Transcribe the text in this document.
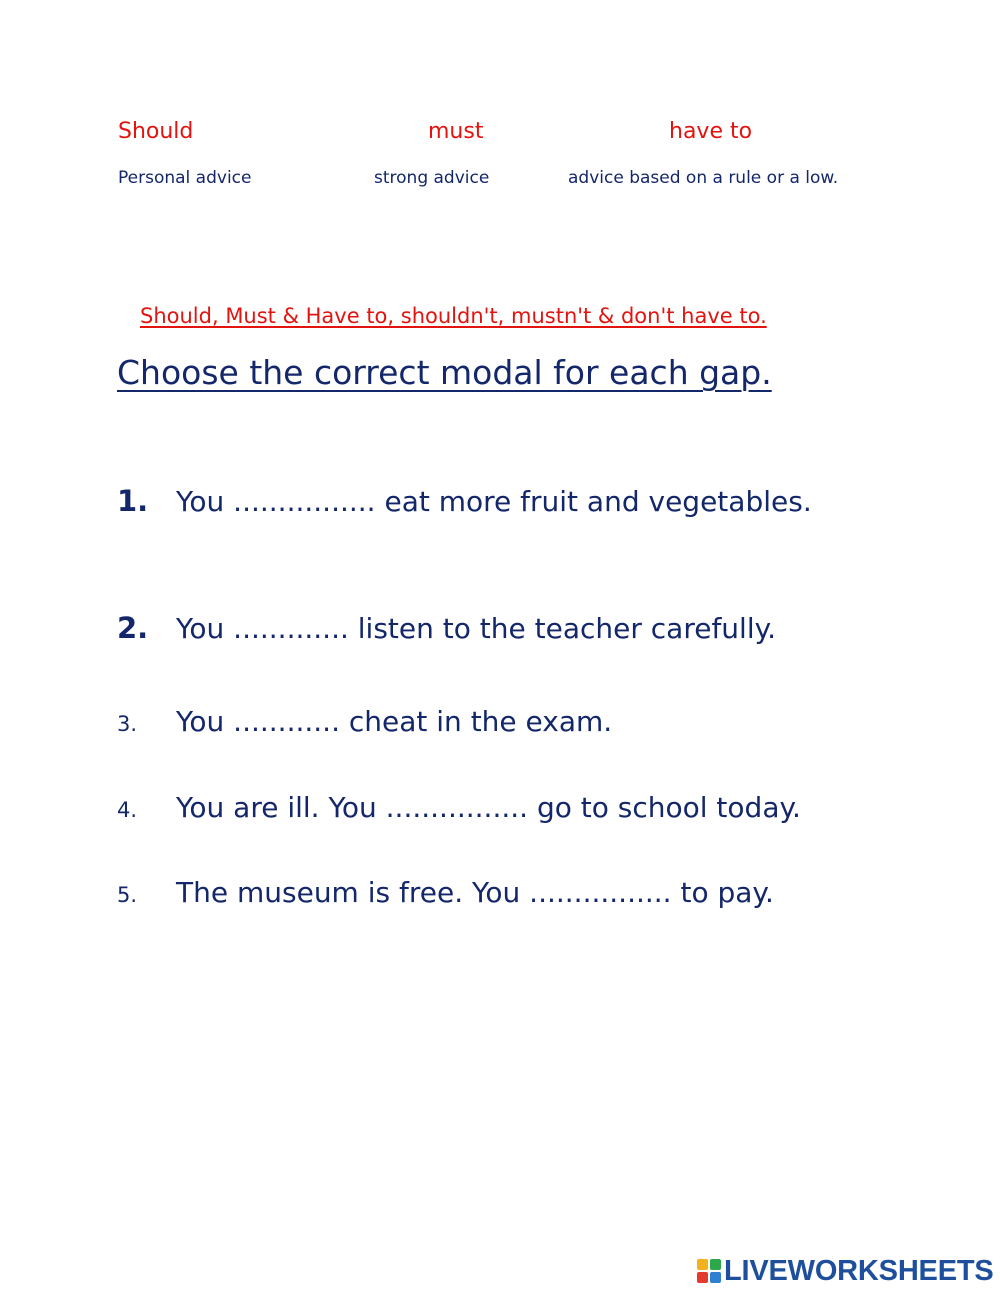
Should	must	have to
Personal advice	strong advice	advice based on a rule or a low.
Should, Must & Have to, shouldn't, mustn't & don't have to.
Choose the correct modal for each gap.
1. You ................ eat more fruit and vegetables.
2. You ............. listen to the teacher carefully.
3. You ............ cheat in the exam.
4. You are ill. You ................ go to school today.
5. The museum is free. You ................ to pay.
LIVEWORKSHEETS
